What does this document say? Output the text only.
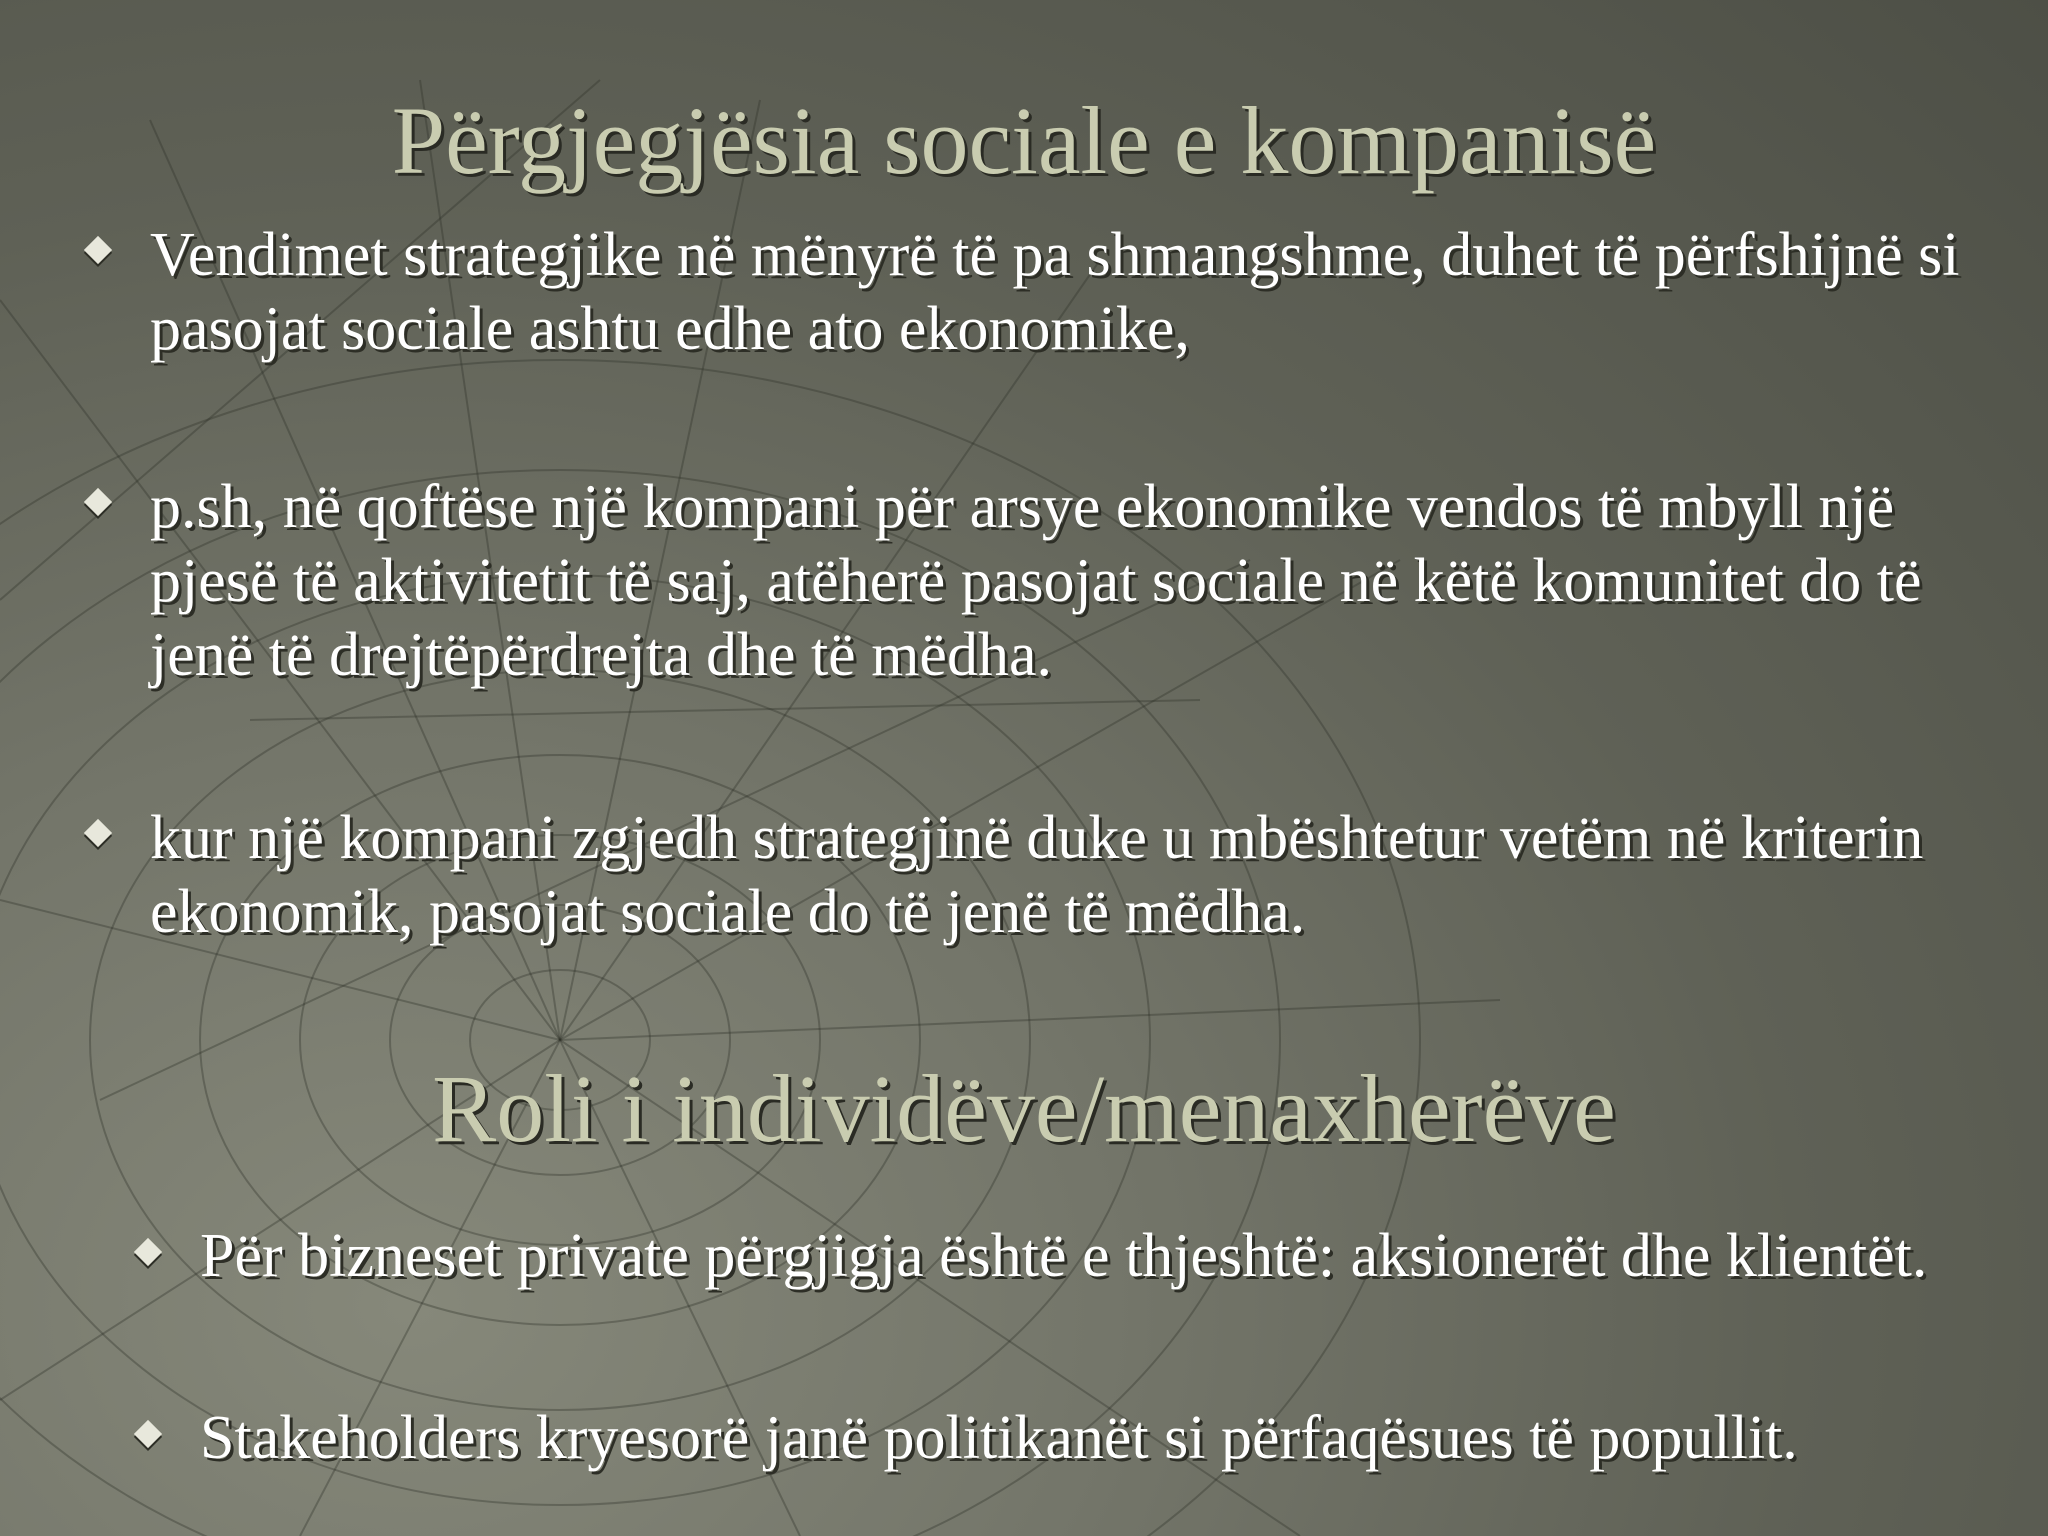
Përgjegjësia sociale e kompanisë
Vendimet strategjike në mënyrë të pa shmangshme, duhet të përfshijnë si pasojat sociale ashtu edhe ato ekonomike,
p.sh, në qoftëse një kompani për arsye ekonomike vendos të mbyll një pjesë të aktivitetit të saj, atëherë pasojat sociale në këtë komunitet do të jenë të drejtëpërdrejta dhe të mëdha.
kur një kompani zgjedh strategjinë duke u mbështetur vetëm në kriterin ekonomik, pasojat sociale do të jenë të mëdha.
Roli i individëve/menaxherëve
Për bizneset private përgjigja është e thjeshtë: aksionerët dhe klientët.
Stakeholders kryesorë janë politikanët si përfaqësues të popullit.
